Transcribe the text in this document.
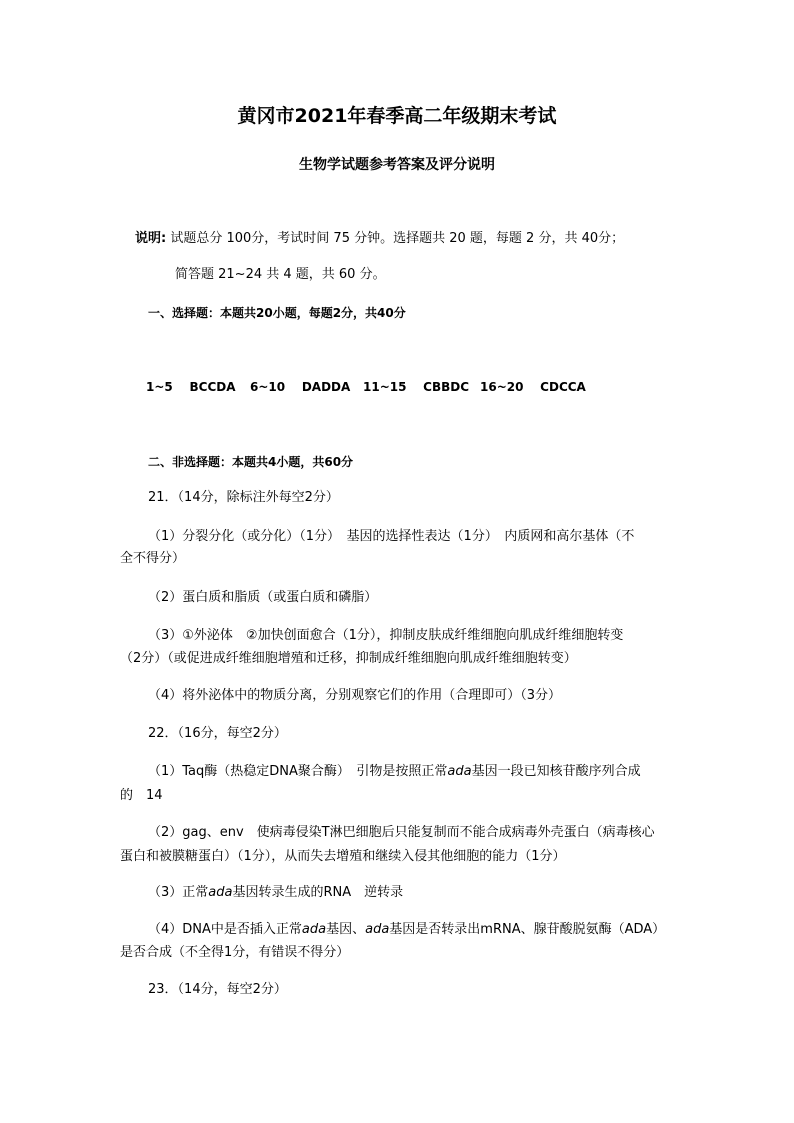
黄冈市2021年春季高二年级期末考试
生物学试题参考答案及评分说明
说明: 试题总分 100分，考试时间 75 分钟。选择题共 20 题，每题 2 分，共 40分；
简答题 21~24 共 4 题，共 60 分。
一、选择题：本题共20小题，每题2分，共40分
1~5 BCCDA 6~10 DADDA 11~15 CBBDC 16~20 CDCCA
二、非选择题：本题共4小题，共60分
21．（14分，除标注外每空2分）
（1）分裂分化（或分化）（1分）　基因的选择性表达（1分）　内质网和高尔基体（不
全不得分）
（2）蛋白质和脂质（或蛋白质和磷脂）
（3）①外泌体　②加快创面愈合（1分），抑制皮肤成纤维细胞向肌成纤维细胞转变
（2分）（或促进成纤维细胞增殖和迁移，抑制成纤维细胞向肌成纤维细胞转变）
（4）将外泌体中的物质分离，分别观察它们的作用（合理即可）（3分）
22．（16分，每空2分）
（1）Taq酶（热稳定DNA聚合酶）　引物是按照正常ada基因一段已知核苷酸序列合成
的　14
（2）gag、env　使病毒侵染T淋巴细胞后只能复制而不能合成病毒外壳蛋白（病毒核心
蛋白和被膜糖蛋白）（1分），从而失去增殖和继续入侵其他细胞的能力（1分）
（3）正常ada基因转录生成的RNA　逆转录
（4）DNA中是否插入正常ada基因、ada基因是否转录出mRNA、腺苷酸脱氨酶（ADA）
是否合成（不全得1分，有错误不得分）
23．（14分，每空2分）
